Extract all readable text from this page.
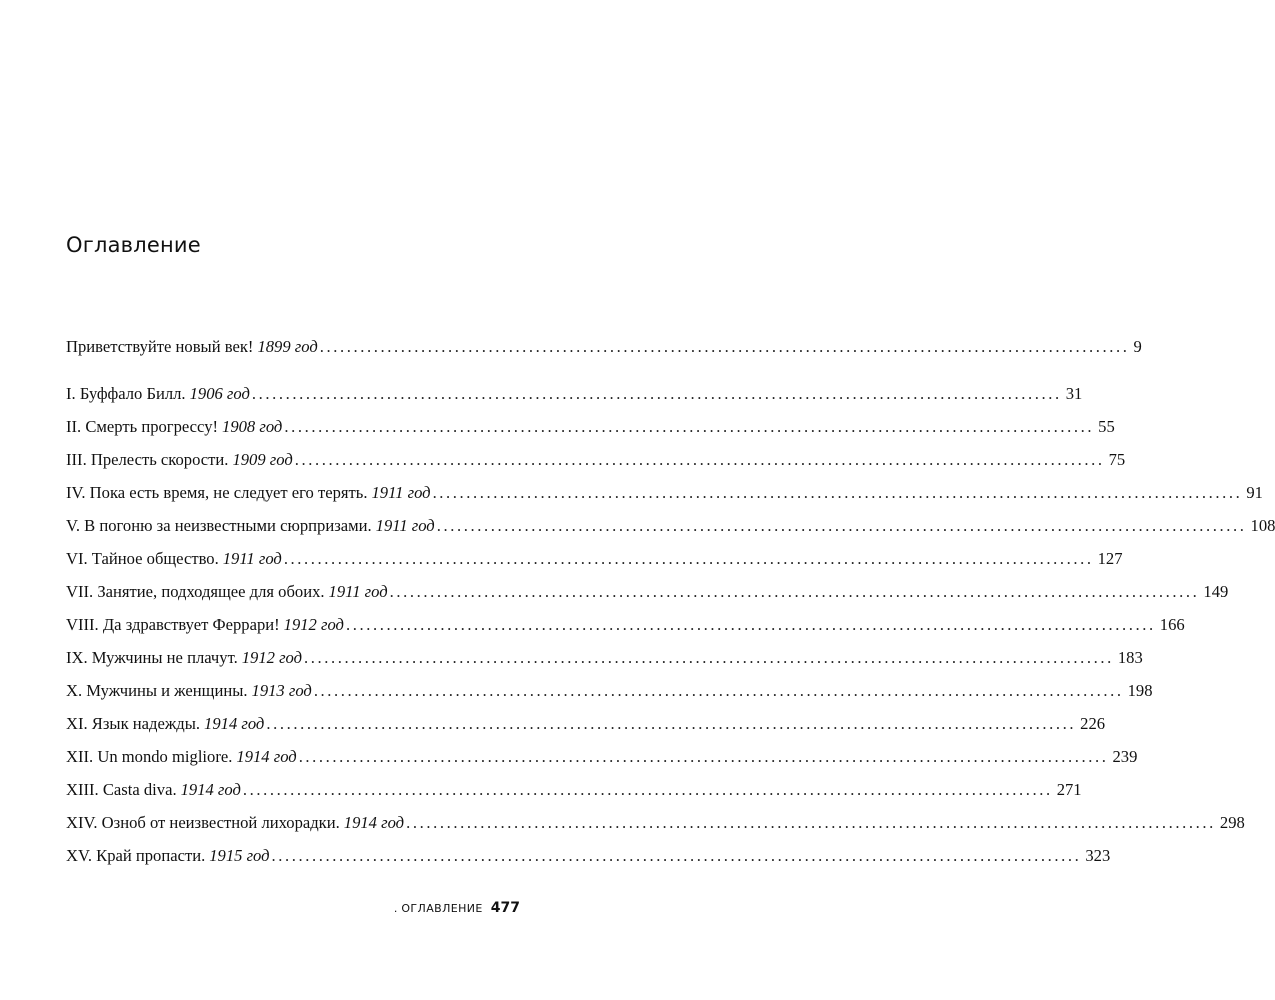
Оглавление
Приветствуйте новый век! 1899 год ........................................................................................................................ 9
I. Буффало Билл. 1906 год ........................................................................................................................ 31
II. Смерть прогрессу! 1908 год ........................................................................................................................ 55
III. Прелесть скорости. 1909 год ........................................................................................................................ 75
IV. Пока есть время, не следует его терять. 1911 год ........................................................................................................................ 91
V. В погоню за неизвестными сюрпризами. 1911 год ........................................................................................................................ 108
VI. Тайное общество. 1911 год ........................................................................................................................ 127
VII. Занятие, подходящее для обоих. 1911 год ........................................................................................................................ 149
VIII. Да здравствует Феррари! 1912 год ........................................................................................................................ 166
IX. Мужчины не плачут. 1912 год ........................................................................................................................ 183
X. Мужчины и женщины. 1913 год ........................................................................................................................ 198
XI. Язык надежды. 1914 год ........................................................................................................................ 226
XII. Un mondo migliore. 1914 год ........................................................................................................................ 239
XIII. Casta diva. 1914 год ........................................................................................................................ 271
XIV. Озноб от неизвестной лихорадки. 1914 год ........................................................................................................................ 298
XV. Край пропасти. 1915 год ........................................................................................................................ 323
. ОГЛАВЛЕНИЕ 477
